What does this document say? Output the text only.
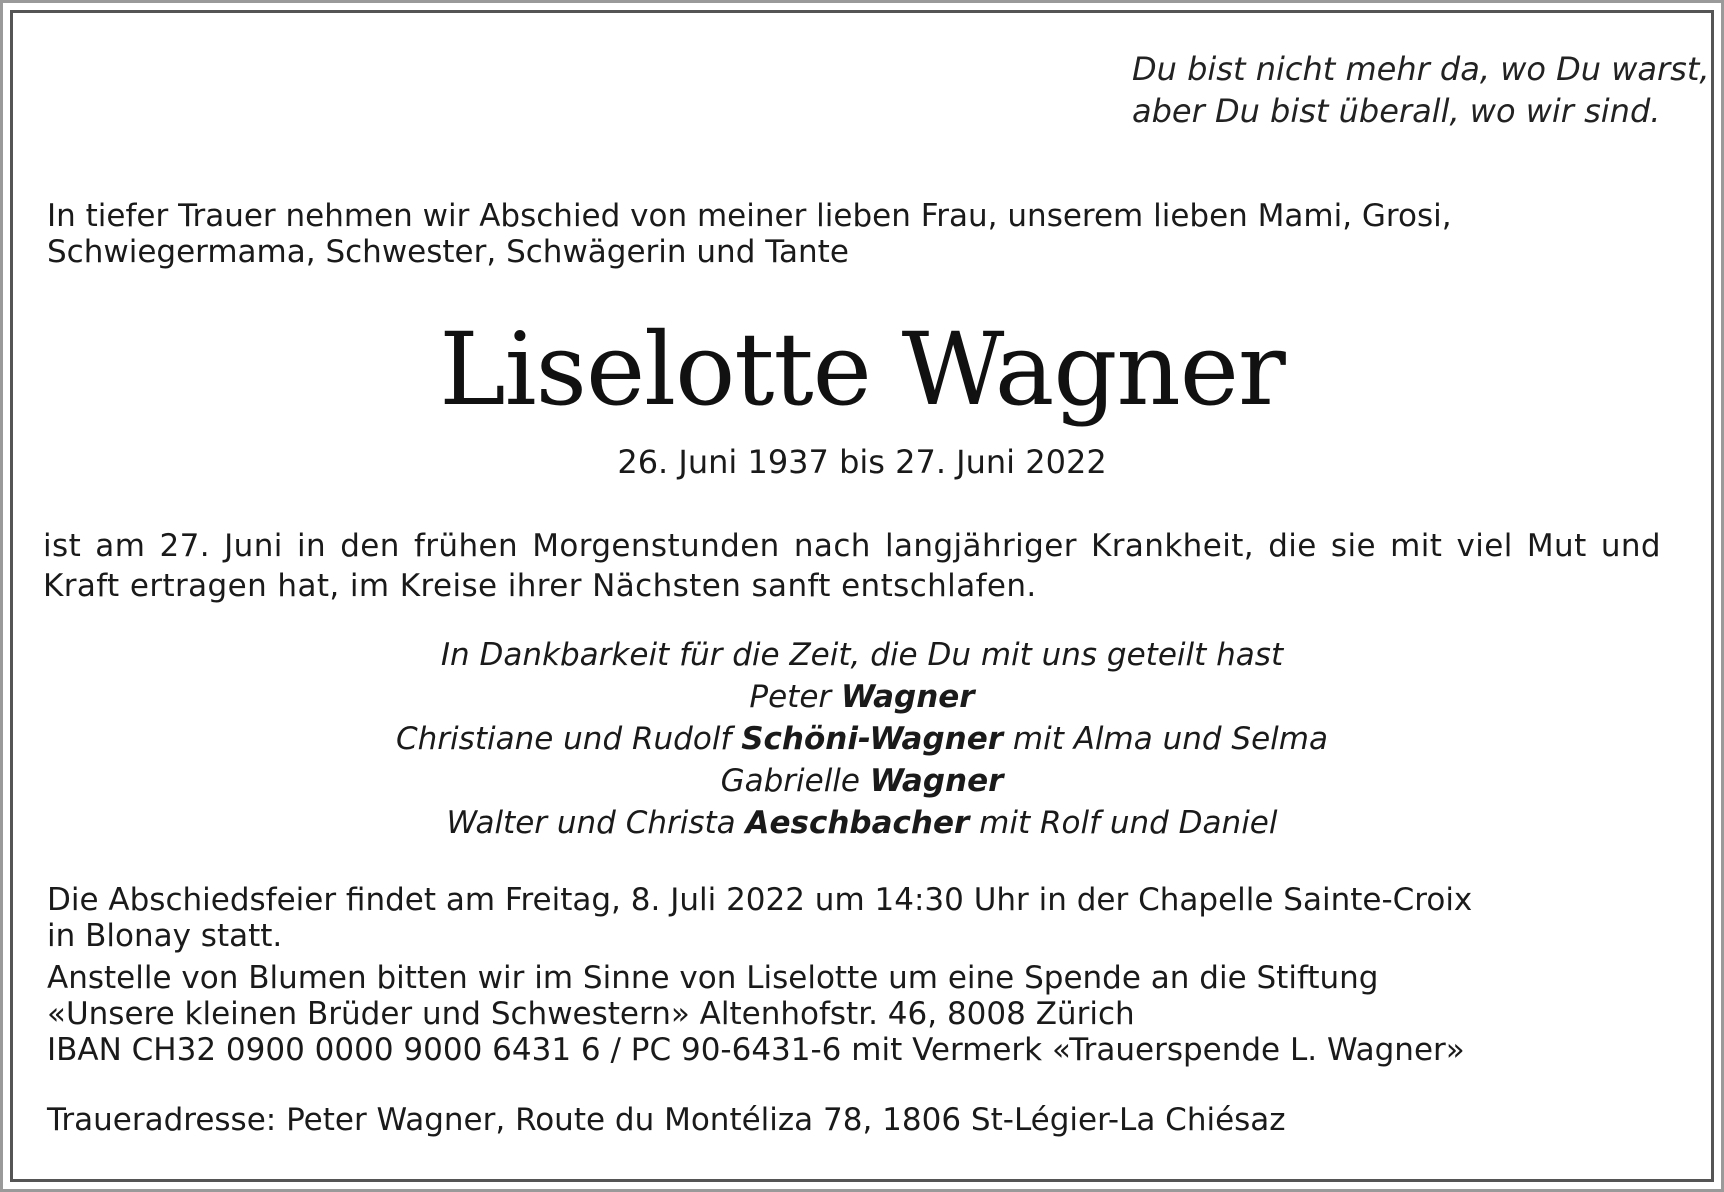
Du bist nicht mehr da, wo Du warst,
aber Du bist überall, wo wir sind.
In tiefer Trauer nehmen wir Abschied von meiner lieben Frau, unserem lieben Mami, Grosi,
Schwiegermama, Schwester, Schwägerin und Tante
Liselotte Wagner
26. Juni 1937 bis 27. Juni 2022
ist am 27. Juni in den frühen Morgenstunden nach langjähriger Krankheit, die sie mit viel Mut und Kraft ertragen hat, im Kreise ihrer Nächsten sanft entschlafen.
In Dankbarkeit für die Zeit, die Du mit uns geteilt hast
Peter Wagner
Christiane und Rudolf Schöni-Wagner mit Alma und Selma
Gabrielle Wagner
Walter und Christa Aeschbacher mit Rolf und Daniel
Die Abschiedsfeier findet am Freitag, 8. Juli 2022 um 14:30 Uhr in der Chapelle Sainte-Croix
in Blonay statt.
Anstelle von Blumen bitten wir im Sinne von Liselotte um eine Spende an die Stiftung
«Unsere kleinen Brüder und Schwestern» Altenhofstr. 46, 8008 Zürich
IBAN CH32 0900 0000 9000 6431 6 / PC 90-6431-6 mit Vermerk «Trauerspende L. Wagner»
Traueradresse: Peter Wagner, Route du Montéliza 78, 1806 St-Légier-La Chiésaz
